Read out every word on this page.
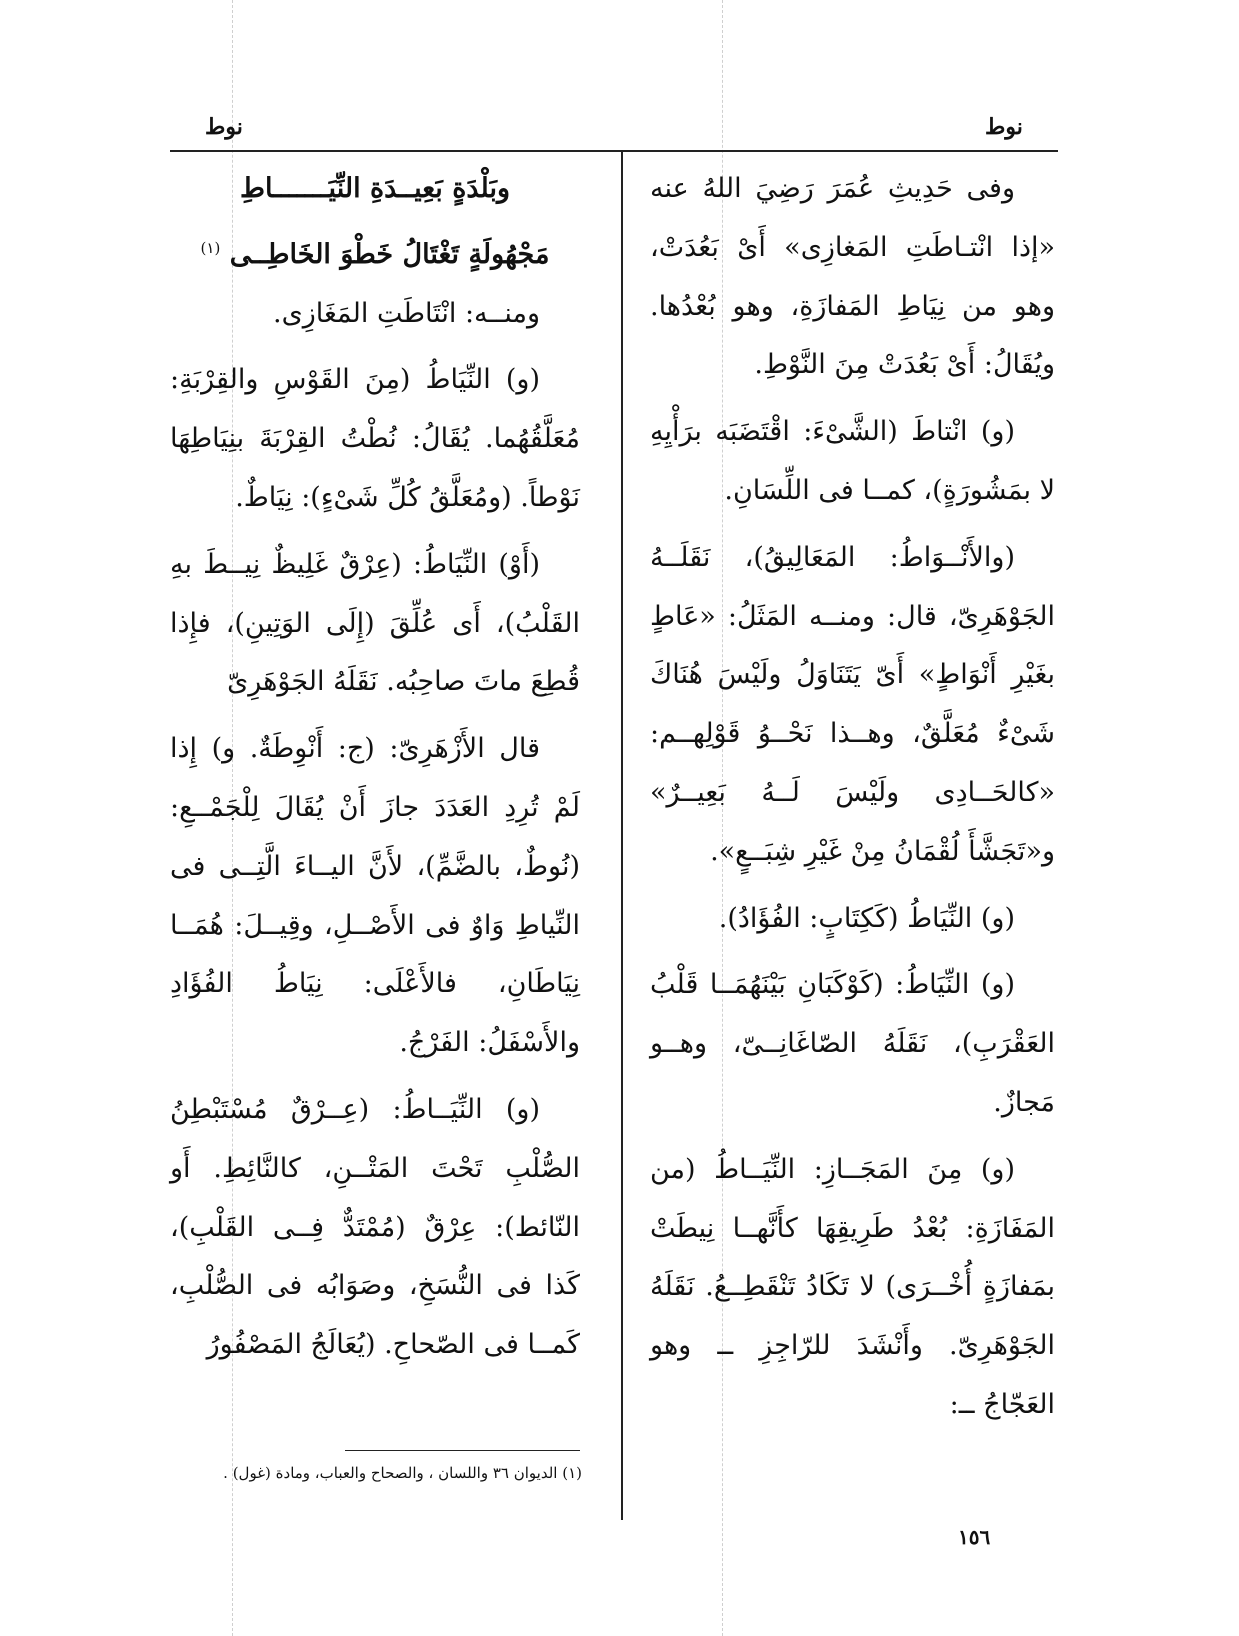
نوط
نوط

وفى حَدِيثِ عُمَرَ رَضِيَ اللهُ عنه «إذا انْتـاطَتِ المَغازِى» أَىْ بَعُدَتْ، وهو من نِيَاطِ المَفازَةِ، وهو بُعْدُها. ويُقَالُ: أَىْ بَعُدَتْ مِنَ النَّوْطِ.

(و) انْتاطَ (الشَّىْءَ: اقْتَضَبَه برَأْيِهِ لا بمَشُورَةٍ)، كمــا فى اللِّسَانِ.

(والأَنْــوَاطُ: المَعَالِيقُ)، نَقَلَــهُ الجَوْهَرِىّ، قال: ومنــه المَثَلُ: «عَاطٍ بغَيْرِ أَنْوَاطٍ» أَىّ يَتَنَاوَلُ ولَيْسَ هُنَاكَ شَىْءٌ مُعَلَّقٌ، وهــذا نَحْــوُ قَوْلِهــم: «كالحَــادِى ولَيْسَ لَــهُ بَعِيــرٌ» و«تَجَشَّأَ لُقْمَانُ مِنْ غَيْرِ شِبَــعٍ».

(و) النِّيَاطُ (كَكِتَابٍ: الفُؤَادُ).

(و) النِّيَاطُ: (كَوْكَبَانِ بَيْنَهُمَــا قَلْبُ العَقْرَبِ)، نَقَلَهُ الصّاغَانِــىّ، وهــو مَجازٌ.

(و) مِنَ المَجَــازِ: النِّيَــاطُ (من المَفَازَةِ: بُعْدُ طَرِيقِهَا كأَنَّهــا نِيطَتْ بمَفازَةٍ أُخْــرَى) لا تَكَادُ تَنْقَطِــعُ. نَقَلَهُ الجَوْهَرِىّ. وأَنْشَدَ للرّاجِزِ ــ وهو العَجّاجُ ــ:

وبَلْدَةٍ بَعِيــدَةِ النِّيَـــــــاطِ

مَجْهُولَةٍ تَغْتَالُ خَطْوَ الخَاطِــى $^{(١)}$

ومنــه: انْتَاطَتِ المَغَازِى.

(و) النِّيَاطُ (مِنَ القَوْسِ والقِرْبَةِ: مُعَلَّقُهُما. يُقَالُ: نُطْتُ القِرْبَةَ بنِيَاطِهَا نَوْطاً. (ومُعَلَّقُ كُلِّ شَىْءٍ): نِيَاطٌ.

(أَوْ) النِّيَاطُ: (عِرْقٌ غَلِيظٌ نِيــطَ بهِ القَلْبُ)، أَى عُلِّقَ (إِلَى الوَتِينِ)، فإِذا قُطِعَ ماتَ صاحِبُه. نَقَلَهُ الجَوْهَرِىّ

قال الأَزْهَرِىّ: (ج: أَنْوِطَةٌ. و) إِذا لَمْ تُرِدِ العَدَدَ جازَ أَنْ يُقَالَ لِلْجَمْــعِ: (نُوطٌ، بالضَّمِّ)، لأَنَّ اليــاءَ الَّتِــى فى النِّياطِ وَاوٌ فى الأَصْــلِ، وقِيــلَ: هُمَــا نِيَاطَانِ، فالأَعْلَى: نِيَاطُ الفُؤَادِ والأَسْفَلُ: الفَرْجُ.

(و) النِّيَــاطُ: (عِــرْقٌ مُسْتَبْطِنُ الصُّلْبِ تَحْتَ المَتْــنِ، كالنَّائِطِ. أَو النّائط): عِرْقٌ (مُمْتَدٌّ فِــى القَلْبِ)، كَذا فى النُّسَخِ، وصَوَابُه فى الصُّلْبِ، كَمــا فى الصّحاحِ. (يُعَالَجُ المَصْفُورُ

(١) الديوان ٣٦ واللسان ، والصحاح والعباب، ومادة (غول) .
١٥٦
